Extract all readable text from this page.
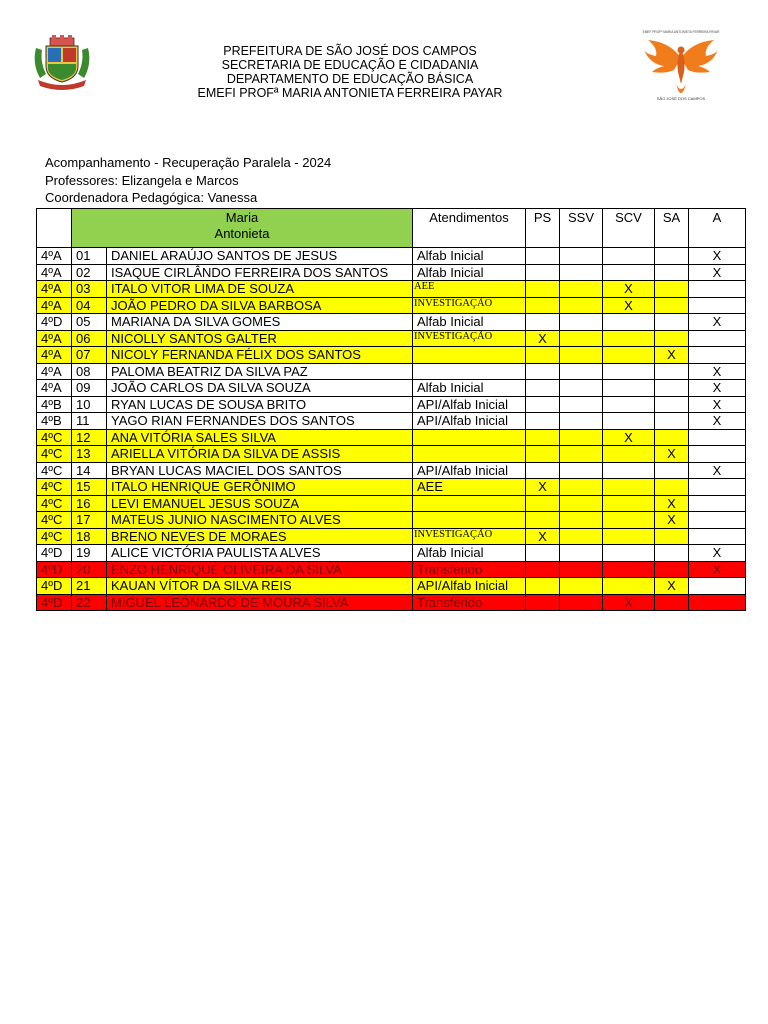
PREFEITURA DE SÃO JOSÉ DOS CAMPOS
SECRETARIA DE EDUCAÇÃO E CIDADANIA
DEPARTAMENTO DE EDUCAÇÃO BÁSICA
EMEFI PROFª MARIA ANTONIETA FERREIRA PAYAR
EMEF PROFª MARIA ANTONIETA FERREIRA PAYAR
SÃO JOSÉ DOS CAMPOS
Acompanhamento - Recuperação Paralela - 2024
Professores: Elizangela e Marcos
Coordenadora Pedagógica: Vanessa
	Maria
Antonieta		Atendimentos	PS	SSV	SCV	SA	A
4ºA	01	DANIEL ARAÚJO SANTOS DE JESUS	Alfab Inicial					X
4ºA	02	ISAQUE CIRLÂNDO FERREIRA DOS SANTOS	Alfab Inicial					X
4ºA	03	ITALO VITOR LIMA DE SOUZA	AEE			X		
4ºA	04	JOÃO PEDRO DA SILVA BARBOSA	INVESTIGAÇÃO			X		
4ºD	05	MARIANA DA SILVA GOMES	Alfab Inicial					X
4ºA	06	NICOLLY SANTOS GALTER	INVESTIGAÇÃO	X				
4ºA	07	NICOLY FERNANDA FÉLIX DOS SANTOS					X	
4ºA	08	PALOMA BEATRIZ DA SILVA PAZ						X
4ºA	09	JOÃO CARLOS DA SILVA SOUZA	Alfab Inicial					X
4ºB	10	RYAN LUCAS DE SOUSA BRITO	API/Alfab Inicial					X
4ºB	11	YAGO RIAN FERNANDES DOS SANTOS	API/Alfab Inicial					X
4ºC	12	ANA VITÓRIA SALES SILVA				X		
4ºC	13	ARIELLA VITÓRIA DA SILVA DE ASSIS					X	
4ºC	14	BRYAN LUCAS MACIEL DOS SANTOS	API/Alfab Inicial					X
4ºC	15	ITALO HENRIQUE GERÔNIMO	AEE	X				
4ºC	16	LEVI EMANUEL JESUS SOUZA					X	
4ºC	17	MATEUS JUNIO NASCIMENTO ALVES					X	
4ºC	18	BRENO NEVES DE MORAES	INVESTIGAÇÃO	X				
4ºD	19	ALICE VICTÓRIA PAULISTA ALVES	Alfab Inicial					X
4ºD	20	ENZO HENRIQUE OLIVEIRA DA SILVA	Transferido					X
4ºD	21	KAUAN VÍTOR DA SILVA REIS	API/Alfab Inicial				X	
4ºD	22	MIGUEL LEONARDO DE MOURA SILVA	Transferido			X		
